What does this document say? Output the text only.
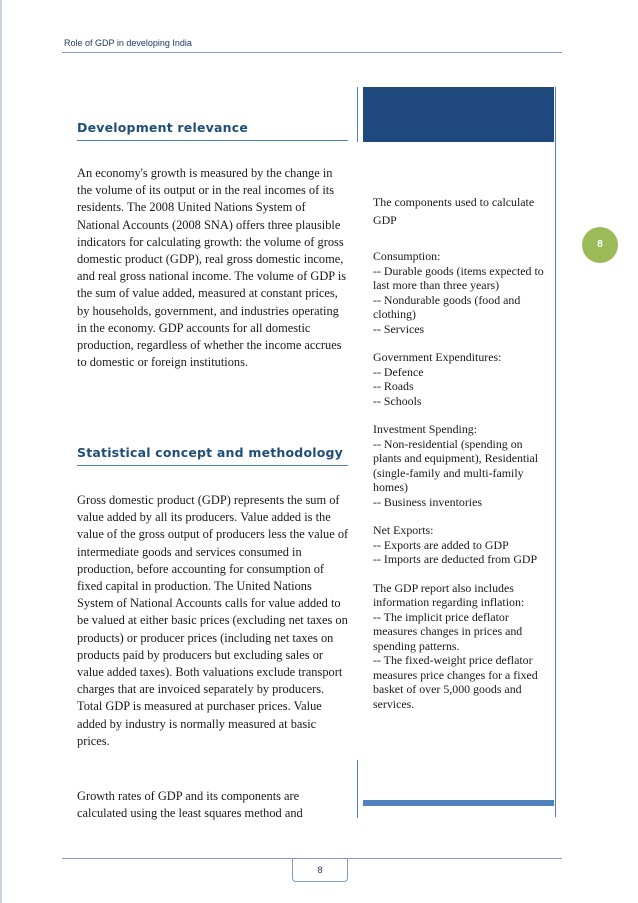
Role of GDP in developing India
8
Development relevance

An economy's growth is measured by the change in the volume of its output or in the real incomes of its residents. The 2008 United Nations System of National Accounts (2008 SNA) offers three plausible indicators for calculating growth: the volume of gross domestic product (GDP), real gross domestic income, and real gross national income. The volume of GDP is the sum of value added, measured at constant prices, by households, government, and industries operating in the economy. GDP accounts for all domestic production, regardless of whether the income accrues to domestic or foreign institutions.

Statistical concept and methodology

Gross domestic product (GDP) represents the sum of value added by all its producers. Value added is the value of the gross output of producers less the value of intermediate goods and services consumed in production, before accounting for consumption of fixed capital in production. The United Nations System of National Accounts calls for value added to be valued at either basic prices (excluding net taxes on products) or producer prices (including net taxes on products paid by producers but excluding sales or value added taxes). Both valuations exclude transport charges that are invoiced separately by producers. Total GDP is measured at purchaser prices. Value added by industry is normally measured at basic prices.

Growth rates of GDP and its components are calculated using the least squares method and

The components used to calculate GDP
Consumption:
-- Durable goods (items expected to last more than three years)
-- Nondurable goods (food and clothing)
-- Services
Government Expenditures:
-- Defence
-- Roads
-- Schools
Investment Spending:
-- Non-residential (spending on plants and equipment), Residential (single-family and multi-family homes)
-- Business inventories
Net Exports:
-- Exports are added to GDP
-- Imports are deducted from GDP
The GDP report also includes information regarding inflation:
-- The implicit price deflator measures changes in prices and spending patterns.
-- The fixed-weight price deflator measures price changes for a fixed basket of over 5,000 goods and services.
8
